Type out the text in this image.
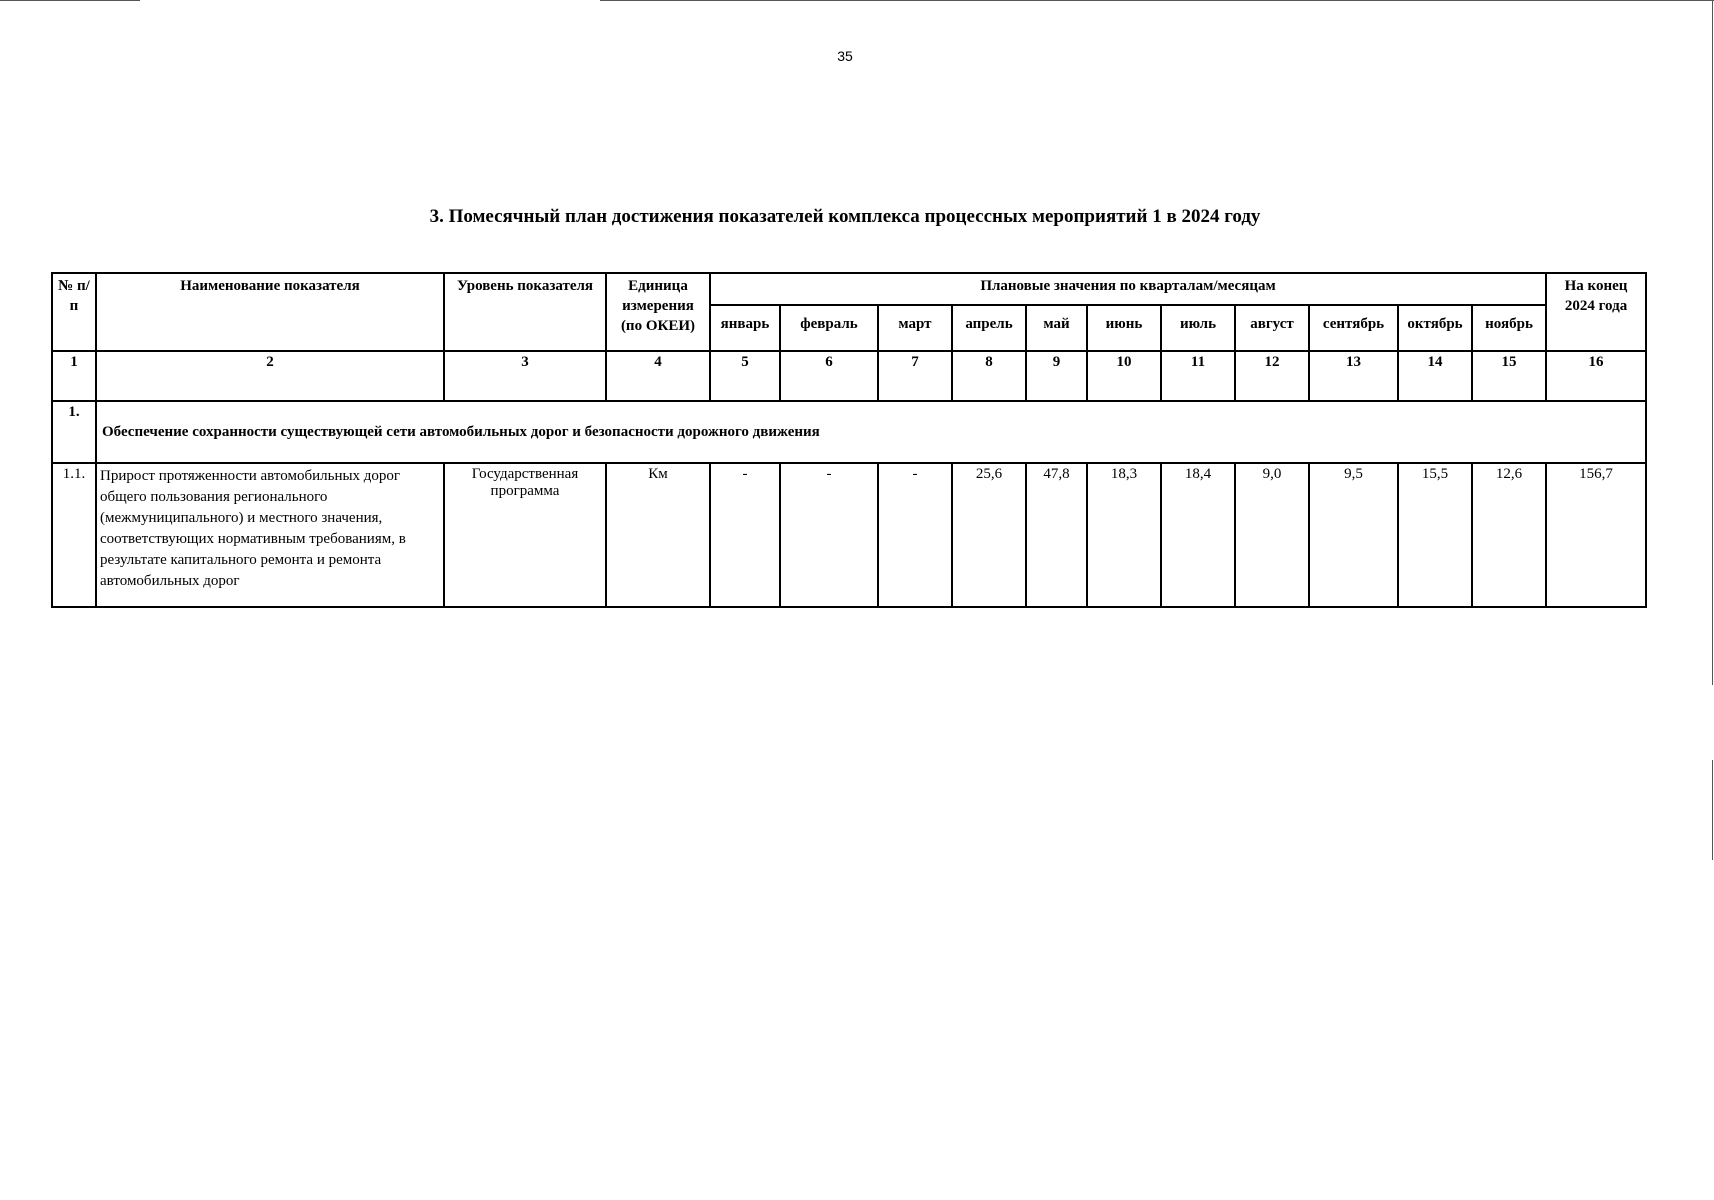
35
3. Помесячный план достижения показателей комплекса процессных мероприятий 1 в 2024 году
№ п/п	Наименование показателя	Уровень показателя	Единица измерения (по ОКЕИ)	Плановые значения по кварталам/месяцам											На конец 2024 года
				январь	февраль	март	апрель	май	июнь	июль	август	сентябрь	октябрь	ноябрь	
1	2	3	4	5	6	7	8	9	10	11	12	13	14	15	16
1.	Обеспечение сохранности существующей сети автомобильных дорог и безопасности дорожного движения														
1.1.	Прирост протяженности автомобильных дорог общего пользования регионального (межмуниципального) и местного значения, соответствующих нормативным требованиям, в результате капитального ремонта и ремонта автомобильных дорог	Государственная программа	Км	-	-	-	25,6	47,8	18,3	18,4	9,0	9,5	15,5	12,6	156,7
